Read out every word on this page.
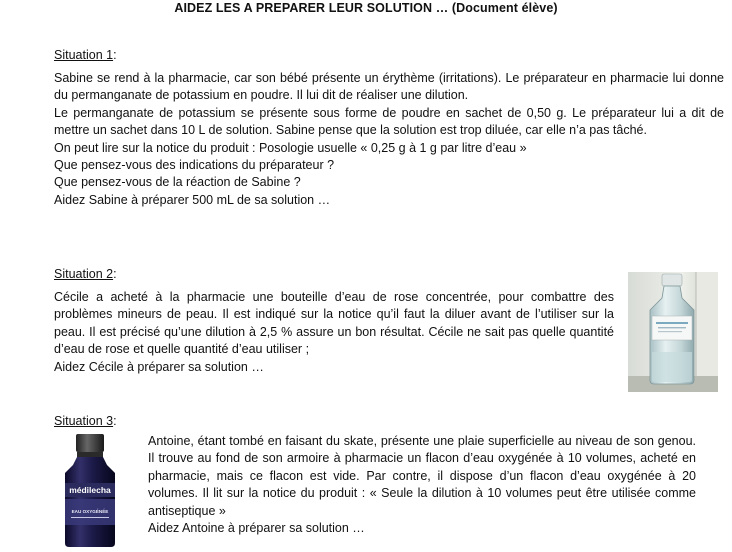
AIDEZ LES A PREPARER LEUR SOLUTION … (Document élève)
Situation 1:

Sabine se rend à la pharmacie, car son bébé présente un érythème (irritations). Le préparateur en pharmacie lui donne du permanganate de potassium en poudre. Il lui dit de réaliser une dilution.

Le permanganate de potassium se présente sous forme de poudre en sachet de 0,50 g. Le préparateur lui a dit de mettre un sachet dans 10 L de solution. Sabine pense que la solution est trop diluée, car elle n’a pas tâché.

On peut lire sur la notice du produit : Posologie usuelle « 0,25 g à 1 g par litre d’eau »

Que pensez-vous des indications du préparateur ?

Que pensez-vous de la réaction de Sabine ?

Aidez Sabine à préparer 500 mL de sa solution …

Situation 2:

Cécile a acheté à la pharmacie une bouteille d’eau de rose concentrée, pour combattre des problèmes mineurs de peau. Il est indiqué sur la notice qu’il faut la diluer avant de l’utiliser sur la peau. Il est précisé qu’une dilution à 2,5 % assure un bon résultat. Cécile ne sait pas quelle quantité d’eau de rose et quelle quantité d’eau utiliser ;

Aidez Cécile à préparer sa solution …

Situation 3:

Antoine, étant tombé en faisant du skate, présente une plaie superficielle au niveau de son genou. Il trouve au fond de son armoire à pharmacie un flacon d’eau oxygénée à 10 volumes, acheté en pharmacie, mais ce flacon est vide. Par contre, il dispose d’un flacon d’eau oxygénée à 20 volumes. Il lit sur la notice du produit : « Seule la dilution à 10 volumes peut être utilisée comme antiseptique »

Aidez Antoine à préparer sa solution …

médilecha
EAU OXYGÉNÉE
